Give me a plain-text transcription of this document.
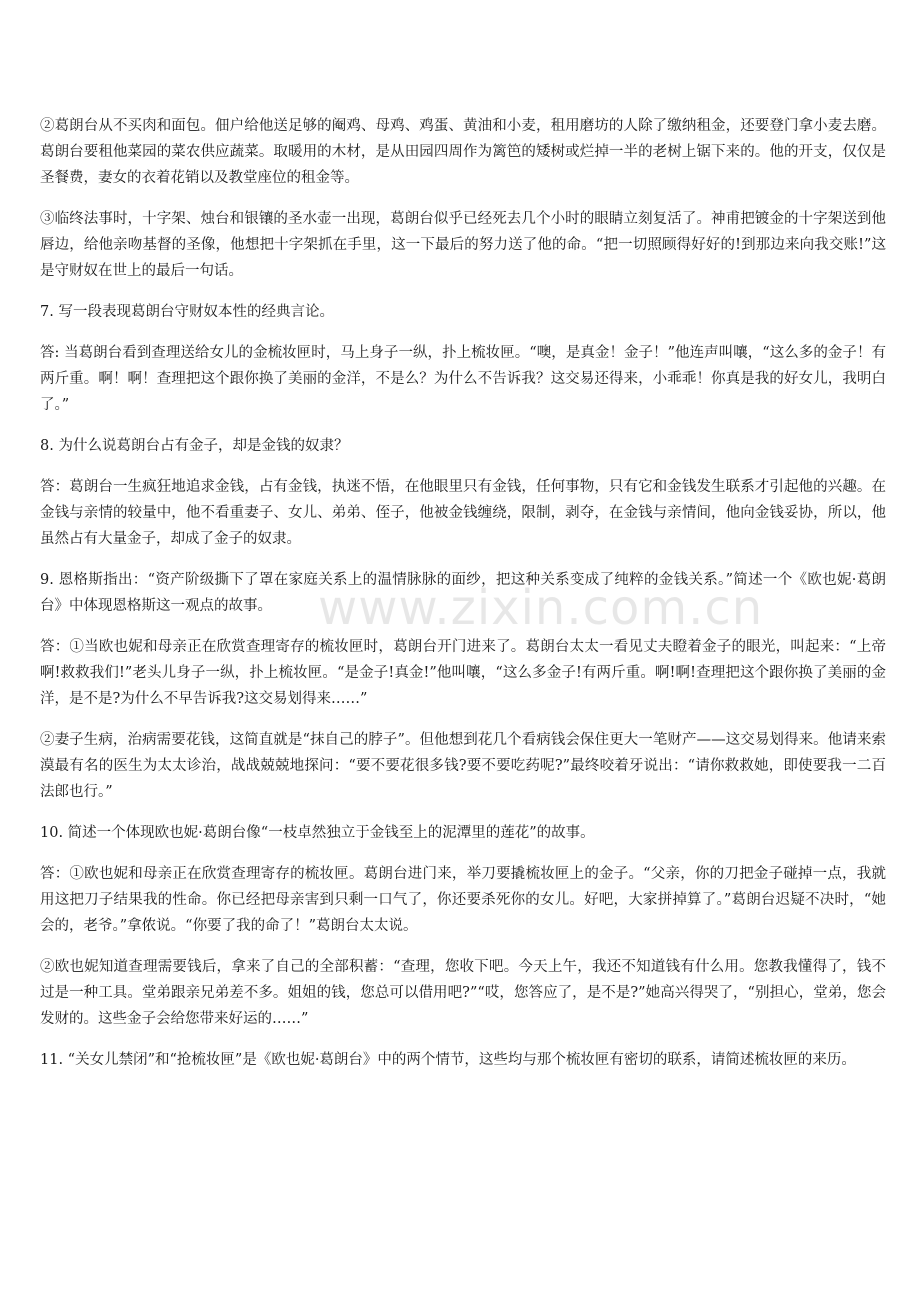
②葛朗台从不买肉和面包。佃户给他送足够的阉鸡、母鸡、鸡蛋、黄油和小麦，租用磨坊的人除了缴纳租金，还要登门拿小麦去磨。葛朗台要租他菜园的菜农供应蔬菜。取暖用的木材，是从田园四周作为篱笆的矮树或烂掉一半的老树上锯下来的。他的开支，仅仅是圣餐费，妻女的衣着花销以及教堂座位的租金等。

③临终法事时，十字架、烛台和银镶的圣水壶一出现，葛朗台似乎已经死去几个小时的眼睛立刻复活了。神甫把镀金的十字架送到他唇边，给他亲吻基督的圣像，他想把十字架抓在手里，这一下最后的努力送了他的命。“把一切照顾得好好的!到那边来向我交账!”这是守财奴在世上的最后一句话。

7. 写一段表现葛朗台守财奴本性的经典言论。

答: 当葛朗台看到查理送给女儿的金梳妆匣时，马上身子一纵，扑上梳妆匣。“噢，是真金！金子！”他连声叫嚷，“这么多的金子！有两斤重。啊！啊！查理把这个跟你换了美丽的金洋，不是么？为什么不告诉我？这交易还得来，小乖乖！你真是我的好女儿，我明白了。”

8. 为什么说葛朗台占有金子，却是金钱的奴隶？

答：葛朗台一生疯狂地追求金钱，占有金钱，执迷不悟，在他眼里只有金钱，任何事物，只有它和金钱发生联系才引起他的兴趣。在金钱与亲情的较量中，他不看重妻子、女儿、弟弟、侄子，他被金钱缠绕，限制，剥夺，在金钱与亲情间，他向金钱妥协，所以，他虽然占有大量金子，却成了金子的奴隶。

9. 恩格斯指出：“资产阶级撕下了罩在家庭关系上的温情脉脉的面纱，把这种关系变成了纯粹的金钱关系。”简述一个《欧也妮·葛朗台》中体现恩格斯这一观点的故事。

答：①当欧也妮和母亲正在欣赏查理寄存的梳妆匣时，葛朗台开门进来了。葛朗台太太一看见丈夫瞪着金子的眼光，叫起来：“上帝啊!救救我们!”老头儿身子一纵，扑上梳妆匣。“是金子!真金!”他叫嚷，“这么多金子!有两斤重。啊!啊!查理把这个跟你换了美丽的金洋，是不是?为什么不早告诉我?这交易划得来……”

②妻子生病，治病需要花钱，这简直就是“抹自己的脖子”。但他想到花几个看病钱会保住更大一笔财产——这交易划得来。他请来索漠最有名的医生为太太诊治，战战兢兢地探问：“要不要花很多钱?要不要吃药呢?”最终咬着牙说出：“请你救救她，即使要我一二百法郎也行。”

10. 简述一个体现欧也妮·葛朗台像“一枝卓然独立于金钱至上的泥潭里的莲花”的故事。

答：①欧也妮和母亲正在欣赏查理寄存的梳妆匣。葛朗台进门来，举刀要撬梳妆匣上的金子。“父亲，你的刀把金子碰掉一点，我就用这把刀子结果我的性命。你已经把母亲害到只剩一口气了，你还要杀死你的女儿。好吧，大家拼掉算了。”葛朗台迟疑不决时，“她会的，老爷。”拿侬说。“你要了我的命了！”葛朗台太太说。

②欧也妮知道查理需要钱后，拿来了自己的全部积蓄：“查理，您收下吧。今天上午，我还不知道钱有什么用。您教我懂得了，钱不过是一种工具。堂弟跟亲兄弟差不多。姐姐的钱，您总可以借用吧?”“哎，您答应了，是不是?”她高兴得哭了，“别担心，堂弟，您会发财的。这些金子会给您带来好运的……”

11. “关女儿禁闭”和“抢梳妆匣”是《欧也妮·葛朗台》中的两个情节，这些均与那个梳妆匣有密切的联系，请简述梳妆匣的来历。

www.zixin.com.cn
